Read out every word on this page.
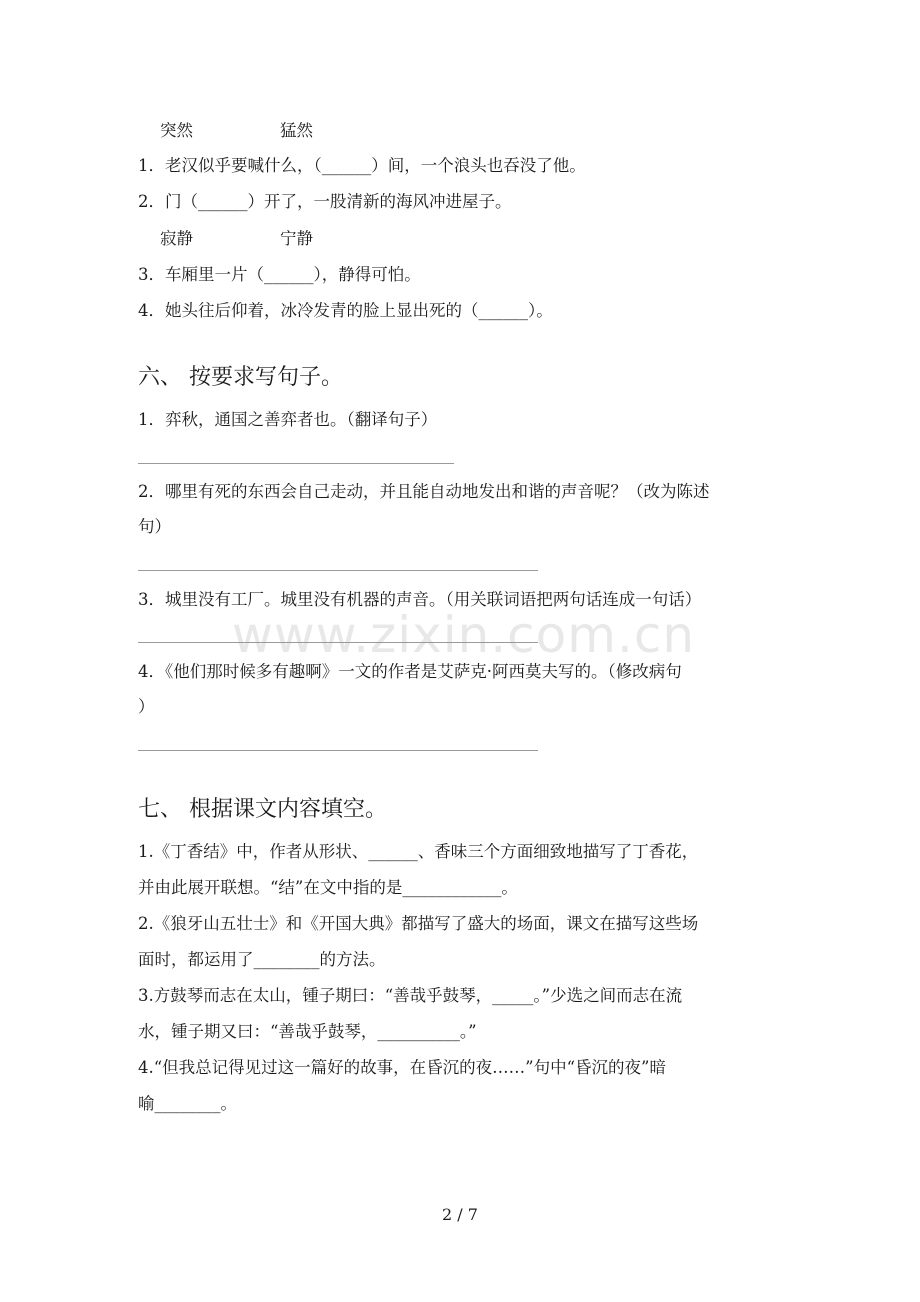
突然	猛然
1．老汉似乎要喊什么，（______）间，一个浪头也吞没了他。
2．门（______）开了，一股清新的海风冲进屋子。
寂静	宁静
3．车厢里一片（______），静得可怕。
4．她头往后仰着，冰冷发青的脸上显出死的（______）。
六、 按要求写句子。
1．弈秋，通国之善弈者也。（翻译句子）
2．哪里有死的东西会自己走动，并且能自动地发出和谐的声音呢？（改为陈述
句）
3．城里没有工厂。城里没有机器的声音。（用关联词语把两句话连成一句话）
4．《他们那时候多有趣啊》一文的作者是艾萨克·阿西莫夫写的。（修改病句
）
七、 根据课文内容填空。
1.《丁香结》中，作者从形状、______、香味三个方面细致地描写了丁香花，
并由此展开联想。“结”在文中指的是____________。
2.《狼牙山五壮士》和《开国大典》都描写了盛大的场面，课文在描写这些场
面时，都运用了________的方法。
3.方鼓琴而志在太山，锺子期曰：“善哉乎鼓琴，_____。”少选之间而志在流
水，锺子期又曰：“善哉乎鼓琴，__________。”
4.“但我总记得见过这一篇好的故事，在昏沉的夜……”句中“昏沉的夜”暗
喻________。
www.zixin.com.cn
2 / 7
